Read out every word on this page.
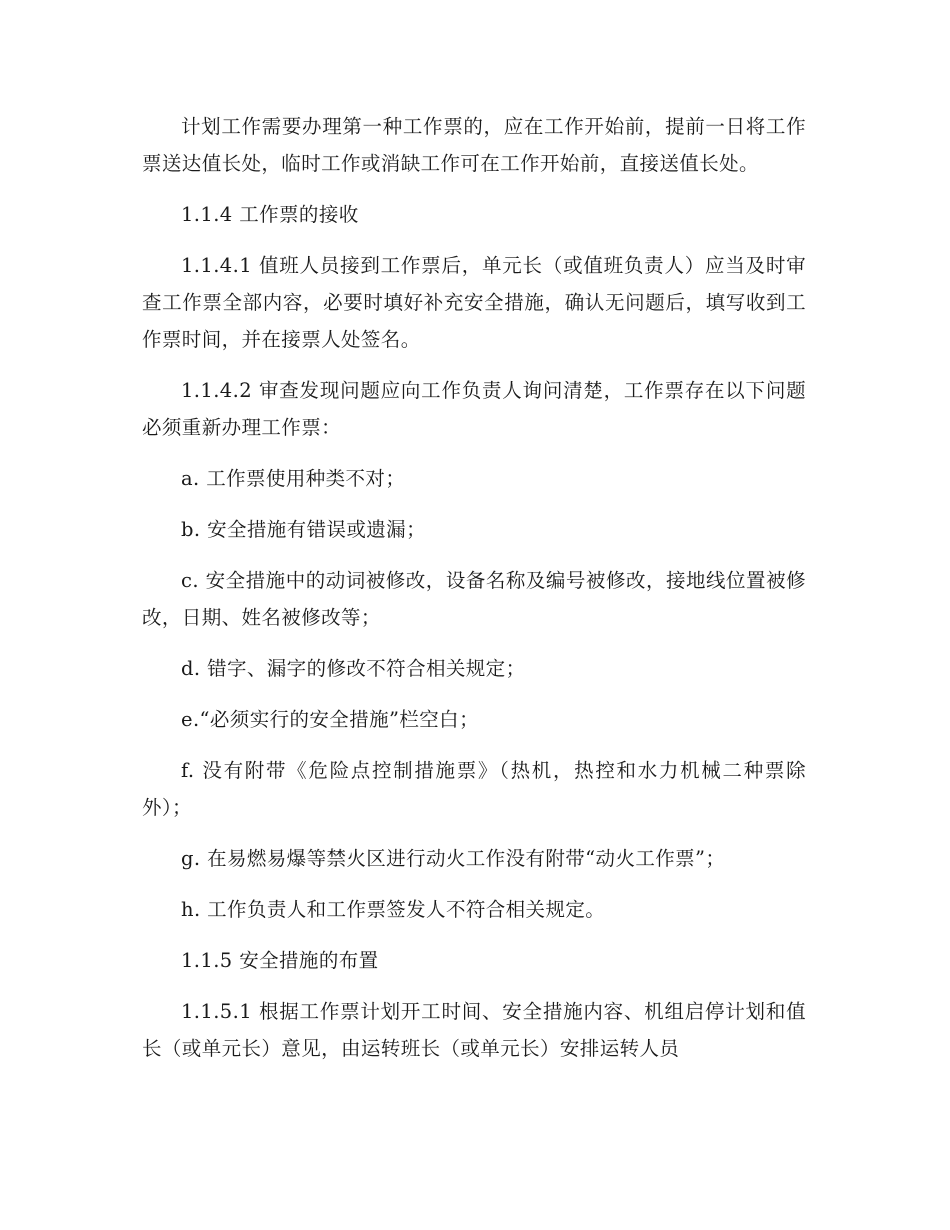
计划工作需要办理第一种工作票的，应在工作开始前，提前一日将工作票送达值长处，临时工作或消缺工作可在工作开始前，直接送值长处。

1.1.4 工作票的接收

1.1.4.1 值班人员接到工作票后，单元长（或值班负责人）应当及时审查工作票全部内容，必要时填好补充安全措施，确认无问题后，填写收到工作票时间，并在接票人处签名。

1.1.4.2 审查发现问题应向工作负责人询问清楚，工作票存在以下问题必须重新办理工作票：

a. 工作票使用种类不对；

b. 安全措施有错误或遗漏；

c. 安全措施中的动词被修改，设备名称及编号被修改，接地线位置被修改，日期、姓名被修改等；

d. 错字、漏字的修改不符合相关规定；

e.“必须实行的安全措施”栏空白；

f. 没有附带《危险点控制措施票》（热机，热控和水力机械二种票除外）；

g. 在易燃易爆等禁火区进行动火工作没有附带“动火工作票”；

h. 工作负责人和工作票签发人不符合相关规定。

1.1.5 安全措施的布置

1.1.5.1 根据工作票计划开工时间、安全措施内容、机组启停计划和值长（或单元长）意见，由运转班长（或单元长）安排运转人员
